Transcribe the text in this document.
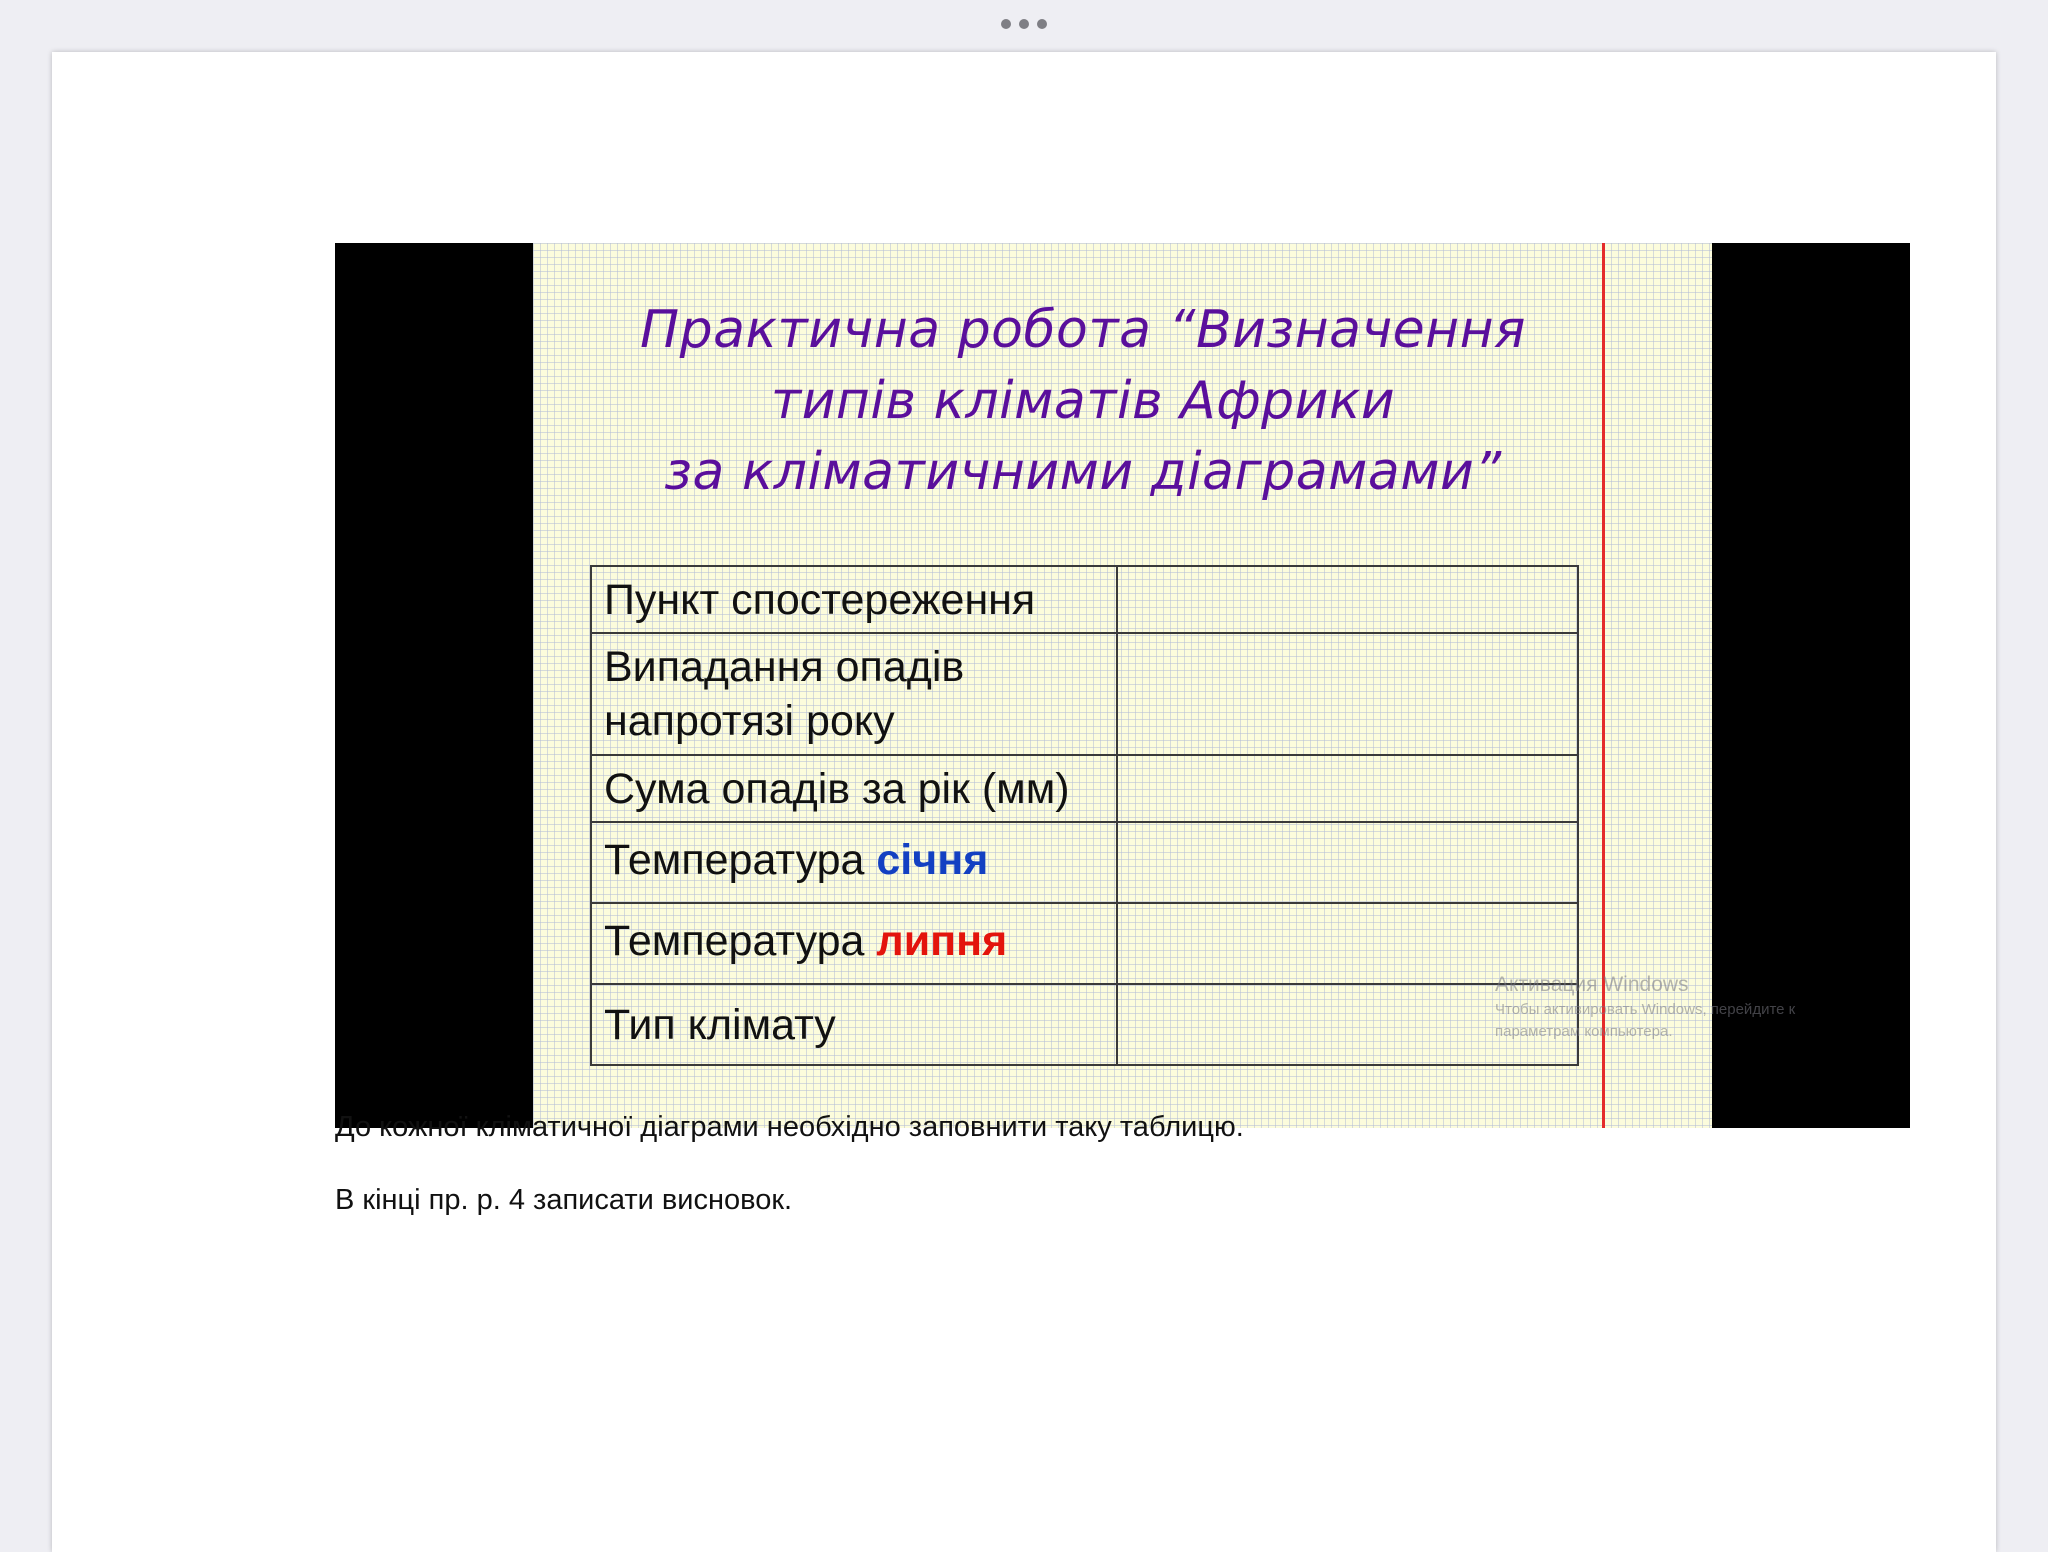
Практична робота “Визначення
типів кліматів Африки
за кліматичними діаграмами”
Пункт спостереження	

Випадання опадів
напротязі року	

Сума опадів за рік (мм)	
Температура січня	
Температура липня	
Тип клімату	
Активация Windows
Чтобы активировать Windows, перейдите к
параметрам компьютера.
До кожної кліматичної діаграми необхідно заповнити таку таблицю.
В кінці пр. р. 4 записати висновок.
